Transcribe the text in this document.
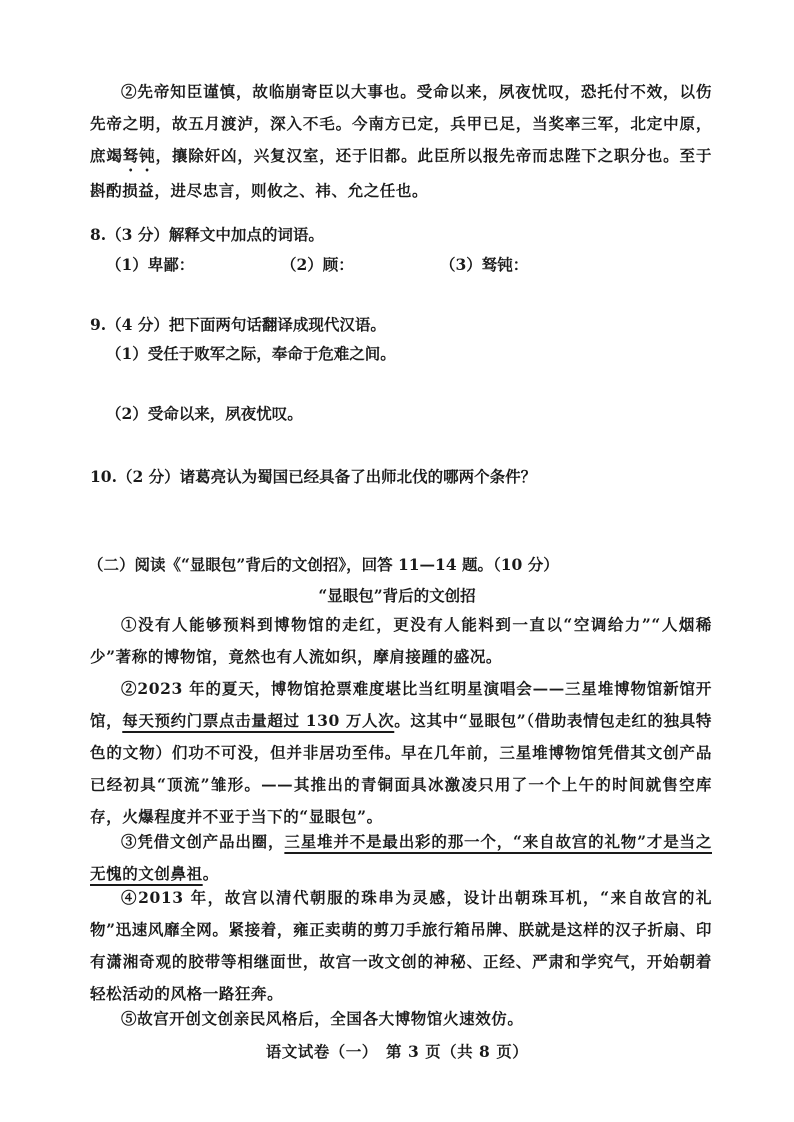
②先帝知臣谨慎，故临崩寄臣以大事也。受命以来，夙夜忧叹，恐托付不效，以伤先帝之明，故五月渡泸，深入不毛。今南方已定，兵甲已足，当奖率三军，北定中原，庶竭驽钝，攘除奸凶，兴复汉室，还于旧都。此臣所以报先帝而忠陛下之职分也。至于斟酌损益，进尽忠言，则攸之、祎、允之任也。
8.（3 分）解释文中加点的词语。
（1）卑鄙：	（2）顾：	（3）驽钝：
9.（4 分）把下面两句话翻译成现代汉语。
（1）受任于败军之际，奉命于危难之间。
（2）受命以来，夙夜忧叹。
10.（2 分）诸葛亮认为蜀国已经具备了出师北伐的哪两个条件？
（二）阅读《“显眼包”背后的文创招》，回答 11—14 题。（10 分）
“显眼包”背后的文创招
①没有人能够预料到博物馆的走红，更没有人能料到一直以“空调给力”“人烟稀少”著称的博物馆，竟然也有人流如织，摩肩接踵的盛况。
②2023 年的夏天，博物馆抢票难度堪比当红明星演唱会——三星堆博物馆新馆开馆，每天预约门票点击量超过 130 万人次。这其中“显眼包”（借助表情包走红的独具特色的文物）们功不可没，但并非居功至伟。早在几年前，三星堆博物馆凭借其文创产品已经初具“顶流”雏形。——其推出的青铜面具冰激凌只用了一个上午的时间就售空库存，火爆程度并不亚于当下的“显眼包”。
③凭借文创产品出圈，三星堆并不是最出彩的那一个，“来自故宫的礼物”才是当之无愧的文创鼻祖。
④2013 年，故宫以清代朝服的珠串为灵感，设计出朝珠耳机，“来自故宫的礼物”迅速风靡全网。紧接着，雍正卖萌的剪刀手旅行箱吊牌、朕就是这样的汉子折扇、印有潇湘奇观的胶带等相继面世，故宫一改文创的神秘、正经、严肃和学究气，开始朝着轻松活动的风格一路狂奔。
⑤故宫开创文创亲民风格后，全国各大博物馆火速效仿。
语文试卷（一）　第 3 页（共 8 页）
